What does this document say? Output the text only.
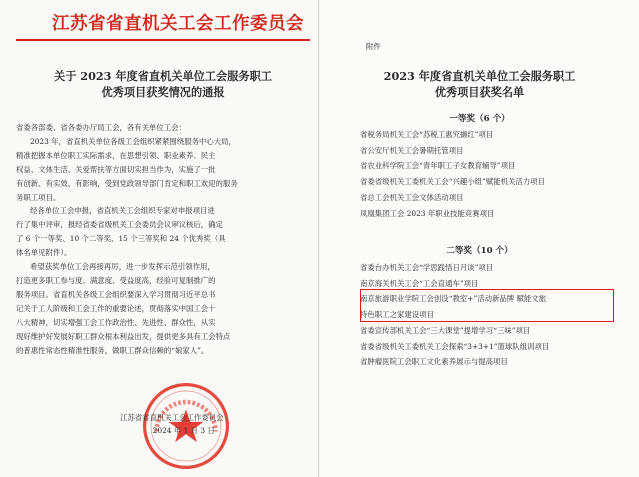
江苏省省直机关工会工作委员会
关于 2023 年度省直机关单位工会服务职工
优秀项目获奖情况的通报

省委各部委、省各委办厅局工会，各有关单位工会：

2023 年，省直机关单位各级工会组织紧紧围绕服务中心大局，

精准把握本单位职工实际需求，在思想引领、职业素养、民主

权益、文体生活、关爱帮扶等方面切实担当作为，实施了一批

有创新、有实效、有影响，受到党政领导部门肯定和职工欢迎的服务

务职工项目。

经各单位工会申报，省直机关工会组织专家对申报项目进

行了集中评审，报经省委省级机关工会委员会议审议核后，确定

了 6 个一等奖、10 个二等奖、15 个三等奖和 24 个优秀奖（具

体名单见附件）。

希望获奖单位工会再接再厉，进一步发挥示范引领作用，

打造更多职工参与度、满意度、受益度高，经验可复制推广的

服务项目。省直机关各级工会组织要深入学习贯彻习近平总书

记关于工人阶级和工会工作的重要论述，贯彻落实中国工会十

八大精神，切实增强工会工作政治性、先进性、群众性，从实

现好维护好发展好职工群众根本利益出发，提供更多具有工会特点

的普惠性常态性精准性服务，做职工群众信赖的“娘家人”。

江苏省省直机关工会工作委员会
2024 年 1 月 3 日
附件
2023 年度省直机关单位工会服务职工
优秀项目获奖名单
一等奖（6 个）
省税务局机关工会“苏税工惠究撷红”项目
省公安厅机关工会暑期托管项目
省农业科学院工会“青年职工子女教育辅导”项目
省委省级机关工委机关工会“兴趣小组”赋能机关活力项目
省总工会机关工会文体活动项目
凤凰集团工会 2023 年职业技能竞赛项目
二等奖（10 个）
省委台办机关工会“学思践悟日月谈”项目
南京海关机关工会“工会直通车”项目
南京旅游职业学院工会创设“教室+”活动新品牌 赋能文旅
特色职工之家建设项目
省委宣传部机关工会“三大课堂”提增学习“三味”项目
省委省级机关工委机关工会探索“3+3+1”篮球队组训项目
省肿瘤医院工会职工文化素养展示与提高项目
